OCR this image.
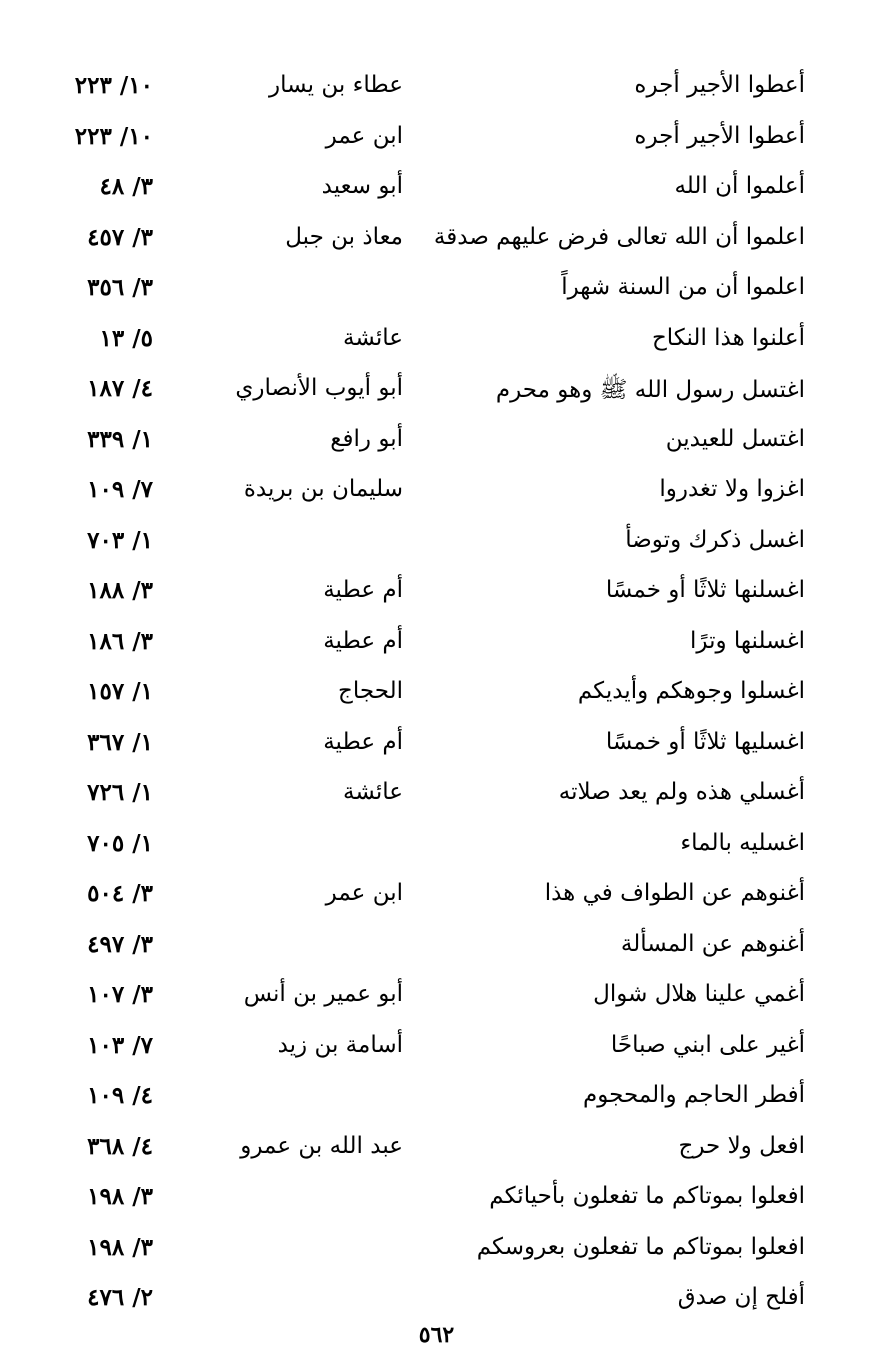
أعطوا الأجير أجره
عطاء بن يسار
١٠/ ٢٢٣
أعطوا الأجير أجره
ابن عمر
١٠/ ٢٢٣
أعلموا أن الله
أبو سعيد
٣/ ٤٨
اعلموا أن الله تعالى فرض عليهم صدقة
معاذ بن جبل
٣/ ٤٥٧
اعلموا أن من السنة شهراً
٣/ ٣٥٦
أعلنوا هذا النكاح
عائشة
٥/ ١٣
اغتسل رسول الله ﷺ وهو محرم
أبو أيوب الأنصاري
٤/ ١٨٧
اغتسل للعيدين
أبو رافع
١/ ٣٣٩
اغزوا ولا تغدروا
سليمان بن بريدة
٧/ ١٠٩
اغسل ذكرك وتوضأ
١/ ٧٠٣
اغسلنها ثلاثًا أو خمسًا
أم عطية
٣/ ١٨٨
اغسلنها وترًا
أم عطية
٣/ ١٨٦
اغسلوا وجوهكم وأيديكم
الحجاج
١/ ١٥٧
اغسليها ثلاثًا أو خمسًا
أم عطية
١/ ٣٦٧
أغسلي هذه ولم يعد صلاته
عائشة
١/ ٧٢٦
اغسليه بالماء
١/ ٧٠٥
أغنوهم عن الطواف في هذا
ابن عمر
٣/ ٥٠٤
أغنوهم عن المسألة
٣/ ٤٩٧
أغمي علينا هلال شوال
أبو عمير بن أنس
٣/ ١٠٧
أغير على ابني صباحًا
أسامة بن زيد
٧/ ١٠٣
أفطر الحاجم والمحجوم
٤/ ١٠٩
افعل ولا حرج
عبد الله بن عمرو
٤/ ٣٦٨
افعلوا بموتاكم ما تفعلون بأحيائكم
٣/ ١٩٨
افعلوا بموتاكم ما تفعلون بعروسكم
٣/ ١٩٨
أفلح إن صدق
٢/ ٤٧٦
٥٦٢
